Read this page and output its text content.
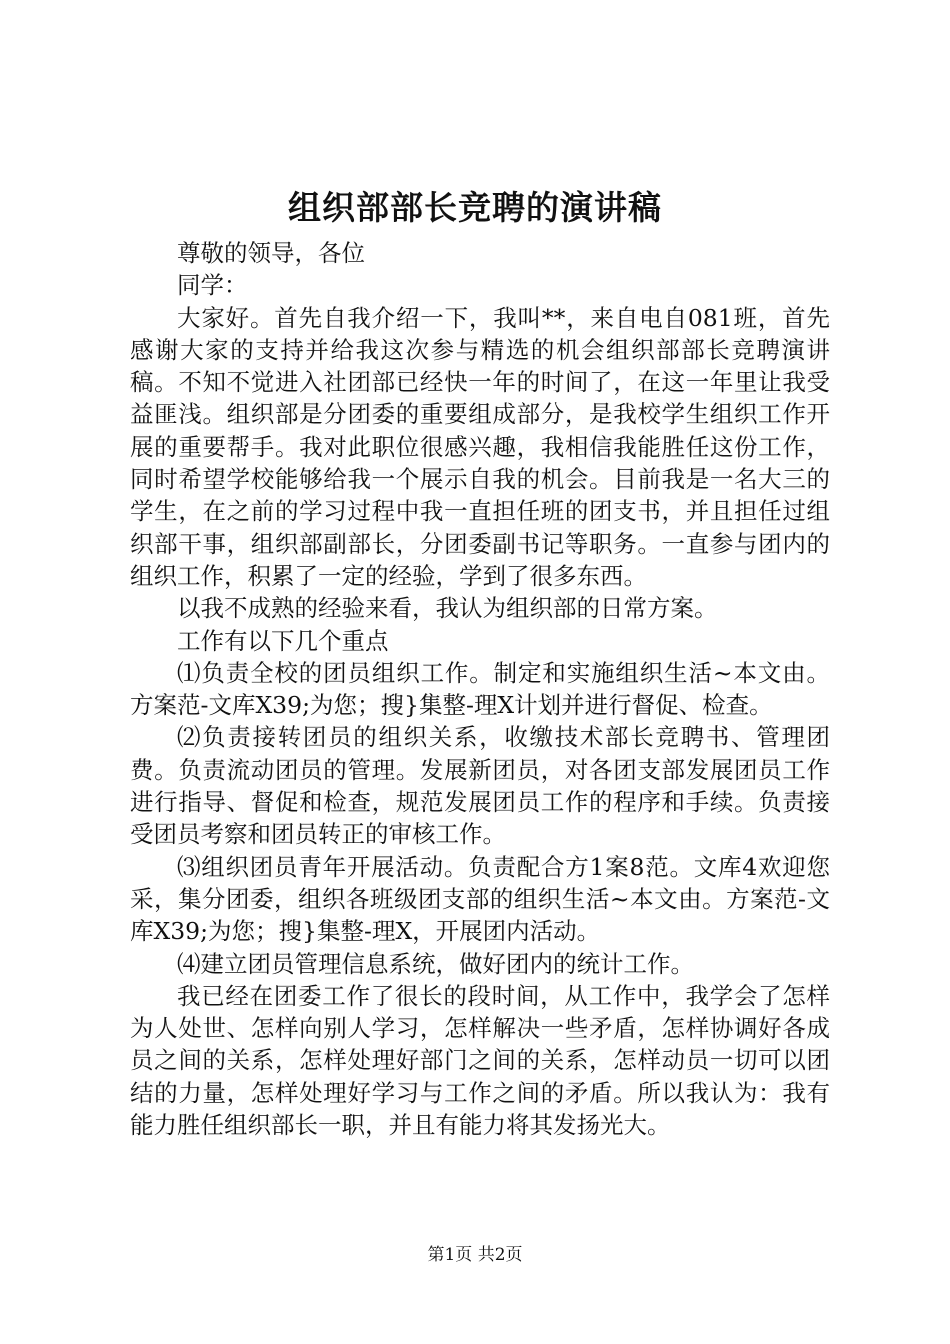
组织部部长竞聘的演讲稿

尊敬的领导，各位

同学：

大家好。首先自我介绍一下，我叫**，来自电自081班，首先感谢大家的支持并给我这次参与精选的机会组织部部长竞聘演讲稿。不知不觉进入社团部已经快一年的时间了，在这一年里让我受益匪浅。组织部是分团委的重要组成部分，是我校学生组织工作开展的重要帮手。我对此职位很感兴趣，我相信我能胜任这份工作，同时希望学校能够给我一个展示自我的机会。目前我是一名大三的学生，在之前的学习过程中我一直担任班的团支书，并且担任过组织部干事，组织部副部长，分团委副书记等职务。一直参与团内的组织工作，积累了一定的经验，学到了很多东西。

以我不成熟的经验来看，我认为组织部的日常方案。

工作有以下几个重点

⑴负责全校的团员组织工作。制定和实施组织生活~本文由。方案范-文库X39;为您；搜}集整-理X计划并进行督促、检查。

⑵负责接转团员的组织关系，收缴技术部长竞聘书、管理团费。负责流动团员的管理。发展新团员，对各团支部发展团员工作进行指导、督促和检查，规范发展团员工作的程序和手续。负责接受团员考察和团员转正的审核工作。

⑶组织团员青年开展活动。负责配合方1案8范。文库4欢迎您采，集分团委，组织各班级团支部的组织生活~本文由。方案范-文库X39;为您；搜}集整-理X，开展团内活动。

⑷建立团员管理信息系统，做好团内的统计工作。

我已经在团委工作了很长的段时间，从工作中，我学会了怎样为人处世、怎样向别人学习，怎样解决一些矛盾，怎样协调好各成员之间的关系，怎样处理好部门之间的关系，怎样动员一切可以团结的力量，怎样处理好学习与工作之间的矛盾。所以我认为：我有能力胜任组织部长一职，并且有能力将其发扬光大。

第1页 共2页
